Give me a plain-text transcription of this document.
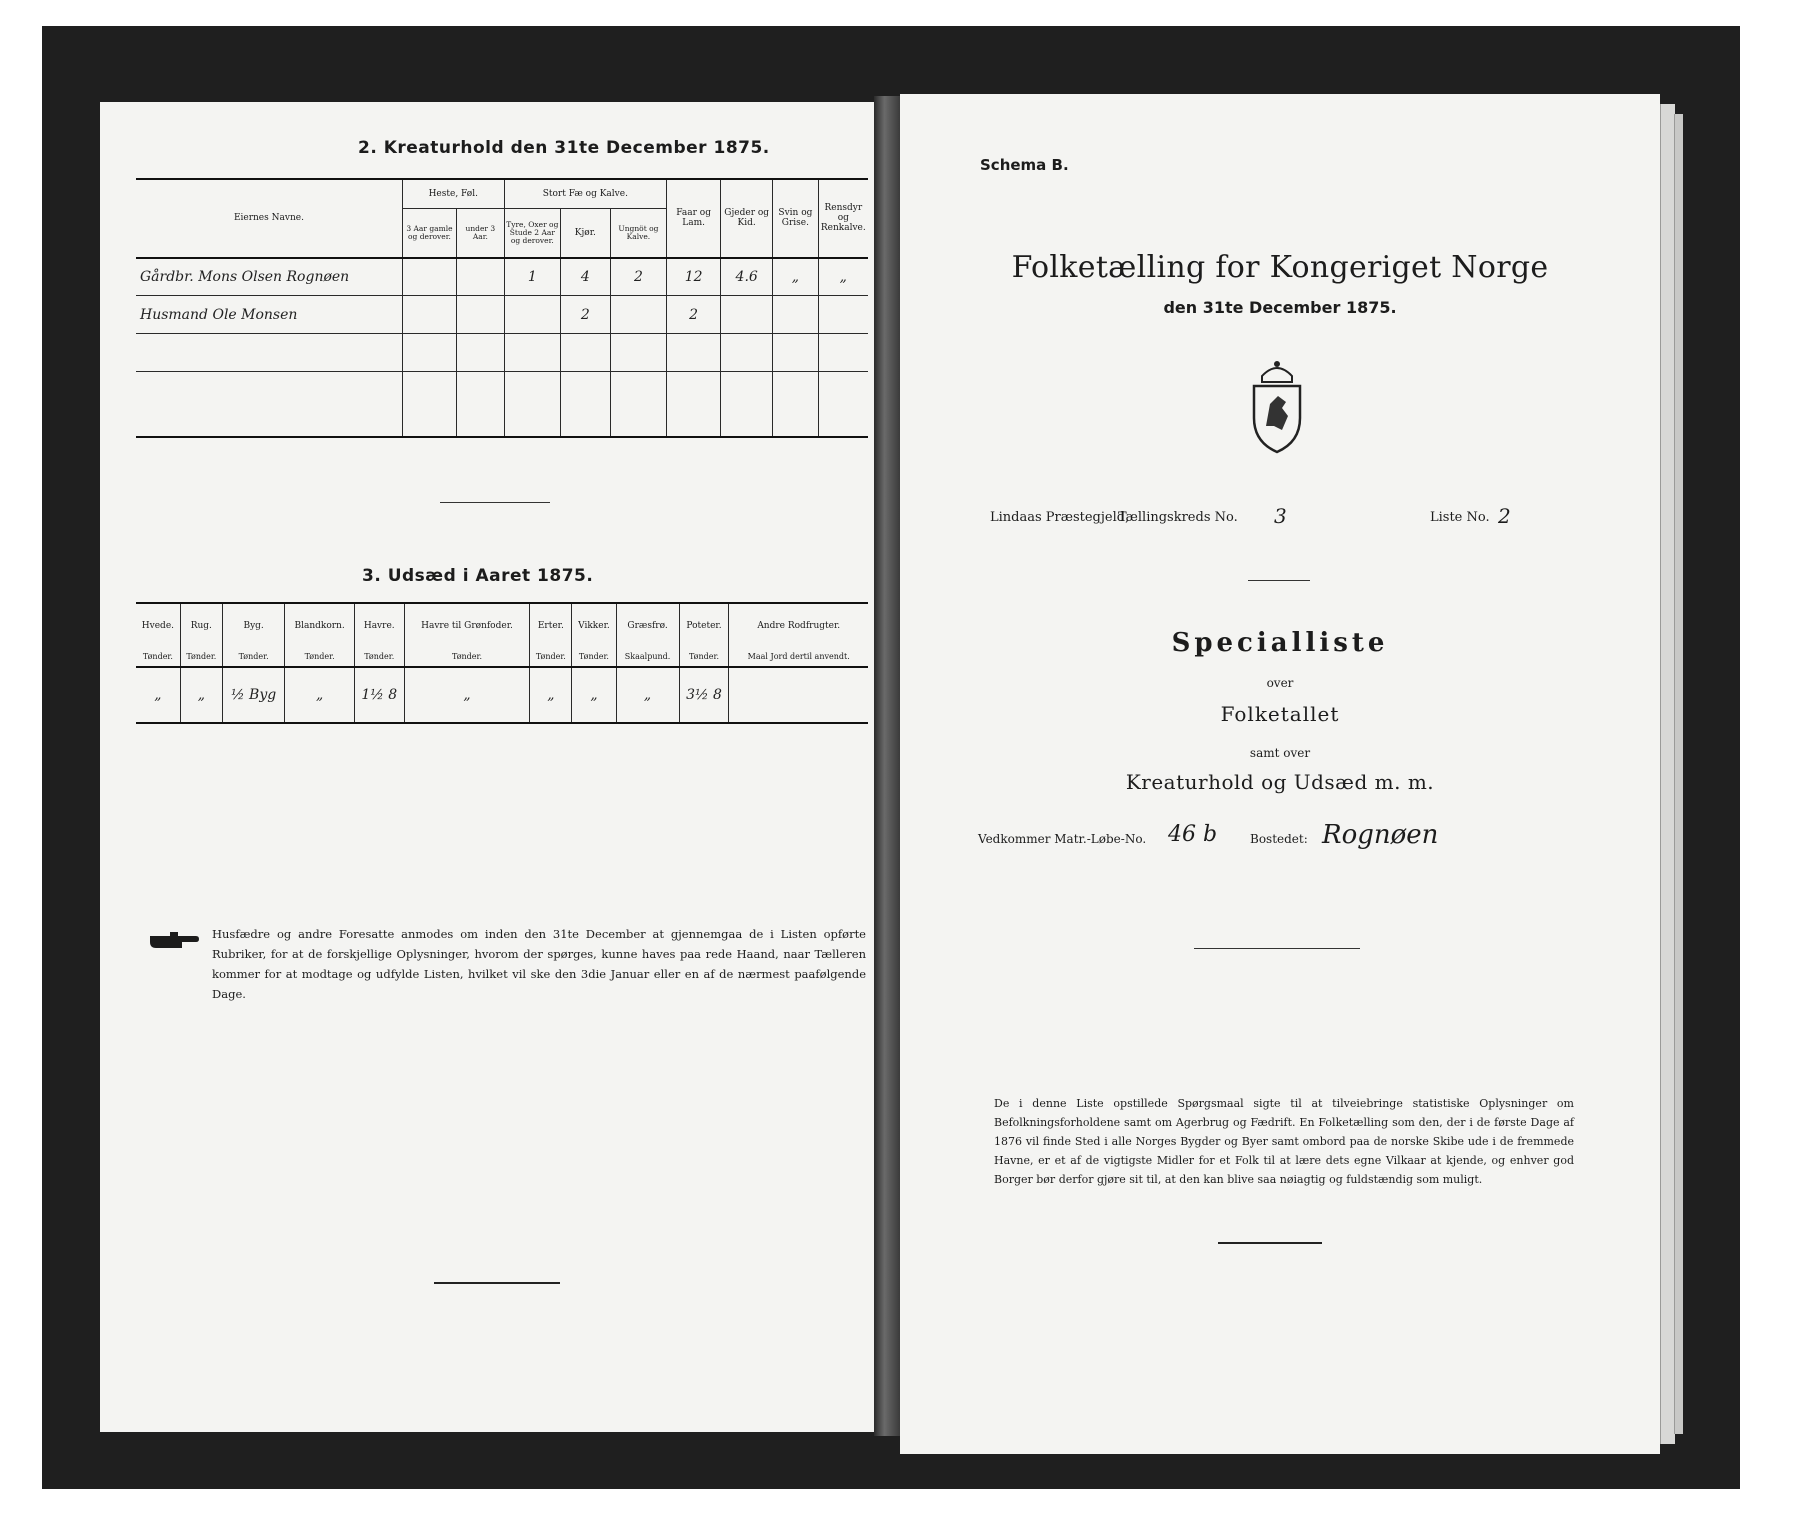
2. Kreaturhold den 31te December 1875.
Eiernes Navne.	Heste, Føl.		Stort Fæ og Kalve.			Faar og Lam.	Gjeder og Kid.	Svin og Grise.	Rensdyr og Renkalve.
	3 Aar gamle og derover.	under 3 Aar.	Tyre, Oxer og Stude 2 Aar og derover.	Kjør.	Ungnöt og Kalve.				
Gårdbr. Mons Olsen Rognøen			1	4	2	12	4.6	„	„
Husmand Ole Monsen				2		2			

3. Udsæd i Aaret 1875.
Hvede.	Rug.	Byg.	Blandkorn.	Havre.	Havre til Grønfoder.	Erter.	Vikker.	Græsfrø.	Poteter.	Andre Rodfrugter.
Tønder.	Tønder.	Tønder.	Tønder.	Tønder.	Tønder.	Tønder.	Tønder.	Skaalpund.	Tønder.	Maal Jord dertil anvendt.
„	„	½ Byg	„	1½ 8	„	„	„	„	3½ 8	
Husfædre og andre Foresatte anmodes om inden den 31te December at gjennemgaa de i Listen opførte Rubriker, for at de forskjellige Oplysninger, hvorom der spørges, kunne haves paa rede Haand, naar Tælleren kommer for at modtage og udfylde Listen, hvilket vil ske den 3die Januar eller en af de nærmest paafølgende Dage.
Schema B.
Folketælling for Kongeriget Norge
den 31te December 1875.
Lindaas Præstegjeld,
Tællingskreds No. 3	Liste No. 2
Specialliste
over
Folketallet
samt over
Kreaturhold og Udsæd m. m.
Vedkommer Matr.-Løbe-No. 46 b	Bostedet: Rognøen
De i denne Liste opstillede Spørgsmaal sigte til at tilveiebringe statistiske Oplysninger om Befolkningsforholdene samt om Agerbrug og Fædrift. En Folketælling som den, der i de første Dage af 1876 vil finde Sted i alle Norges Bygder og Byer samt ombord paa de norske Skibe ude i de fremmede Havne, er et af de vigtigste Midler for et Folk til at lære dets egne Vilkaar at kjende, og enhver god Borger bør derfor gjøre sit til, at den kan blive saa nøiagtig og fuldstændig som muligt.
